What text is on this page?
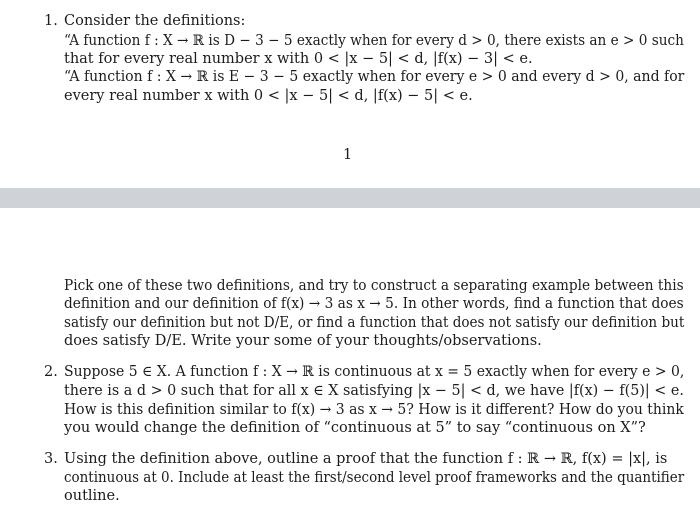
1. Consider the definitions:
“A function f : X → ℝ is D − 3 − 5 exactly when for every d > 0, there exists an e > 0 such
that for every real number x with 0 < |x − 5| < d, |f(x) − 3| < e.
“A function f : X → ℝ is E − 3 − 5 exactly when for every e > 0 and every d > 0, and for
every real number x with 0 < |x − 5| < d, |f(x) − 5| < e.
1
Pick one of these two definitions, and try to construct a separating example between this
definition and our definition of f(x) → 3 as x → 5. In other words, find a function that does
satisfy our definition but not D/E, or find a function that does not satisfy our definition but
does satisfy D/E. Write your some of your thoughts/observations.
2. Suppose 5 ∈ X. A function f : X → ℝ is continuous at x = 5 exactly when for every e > 0,
there is a d > 0 such that for all x ∈ X satisfying |x − 5| < d, we have |f(x) − f(5)| < e.
How is this definition similar to f(x) → 3 as x → 5? How is it different? How do you think
you would change the definition of “continuous at 5” to say “continuous on X”?
3. Using the definition above, outline a proof that the function f : ℝ → ℝ, f(x) = |x|, is
continuous at 0. Include at least the first/second level proof frameworks and the quantifier
outline.
